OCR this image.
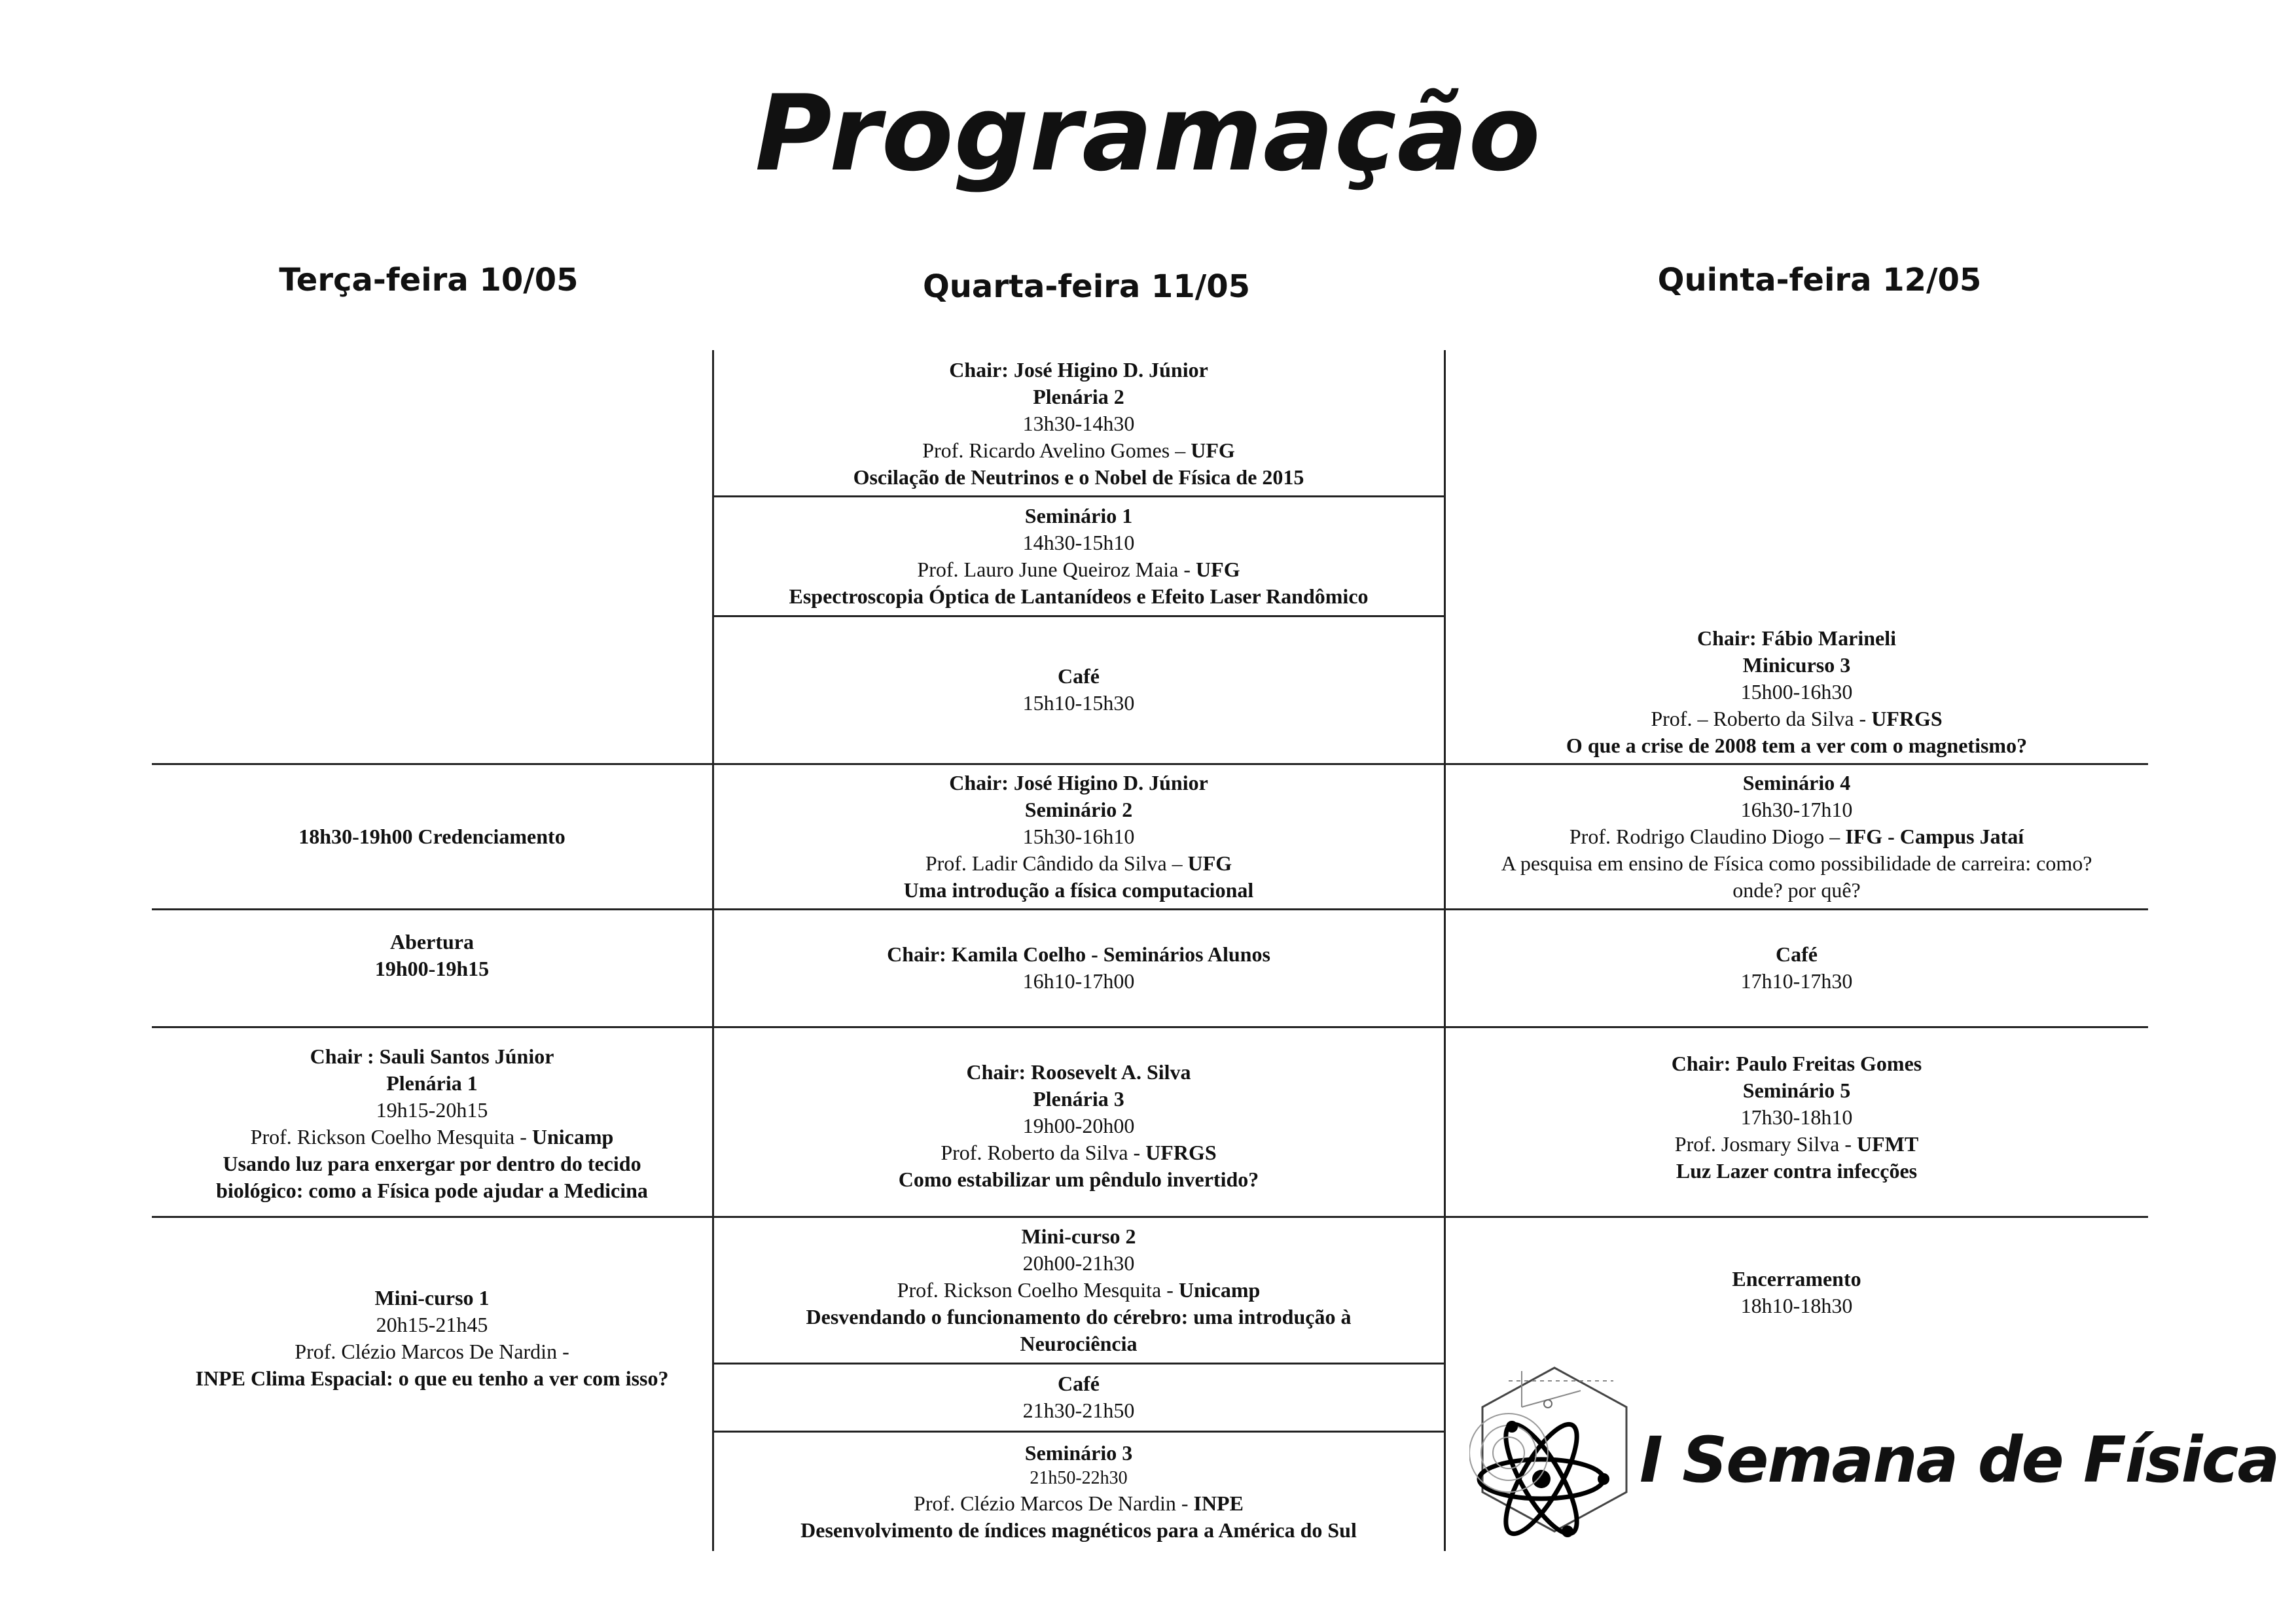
Programação
Terça-feira 10/05	Quarta-feira 11/05	Quinta-feira 12/05
18h30-19h00 Credenciamento
Abertura
19h00-19h15
Chair : Sauli Santos Júnior
Plenária 1
19h15-20h15
Prof. Rickson Coelho Mesquita - Unicamp
Usando luz para enxergar por dentro do tecido
biológico: como a Física pode ajudar a Medicina
Mini-curso 1
20h15-21h45
Prof. Clézio Marcos De Nardin -
INPE Clima Espacial: o que eu tenho a ver com isso?
Chair: José Higino D. Júnior
Plenária 2
13h30-14h30
Prof. Ricardo Avelino Gomes – UFG
Oscilação de Neutrinos e o Nobel de Física de 2015
Seminário 1
14h30-15h10
Prof. Lauro June Queiroz Maia - UFG
Espectroscopia Óptica de Lantanídeos e Efeito Laser Randômico
Café
15h10-15h30
Chair: José Higino D. Júnior
Seminário 2
15h30-16h10
Prof. Ladir Cândido da Silva – UFG
Uma introdução a física computacional
Chair: Kamila Coelho - Seminários Alunos
16h10-17h00
Chair: Roosevelt A. Silva
Plenária 3
19h00-20h00
Prof. Roberto da Silva - UFRGS
Como estabilizar um pêndulo invertido?
Mini-curso 2
20h00-21h30
Prof. Rickson Coelho Mesquita - Unicamp
Desvendando o funcionamento do cérebro: uma introdução à
Neurociência
Café
21h30-21h50
Seminário 3
21h50-22h30
Prof. Clézio Marcos De Nardin - INPE
Desenvolvimento de índices magnéticos para a América do Sul
Chair: Fábio Marineli
Minicurso 3
15h00-16h30
Prof. – Roberto da Silva - UFRGS
O que a crise de 2008 tem a ver com o magnetismo?
Seminário 4
16h30-17h10
Prof. Rodrigo Claudino Diogo – IFG - Campus Jataí
A pesquisa em ensino de Física como possibilidade de carreira: como?
onde? por quê?
Café
17h10-17h30
Chair: Paulo Freitas Gomes
Seminário 5
17h30-18h10
Prof. Josmary Silva - UFMT
Luz Lazer contra infecções
Encerramento
18h10-18h30
I Semana de Física
